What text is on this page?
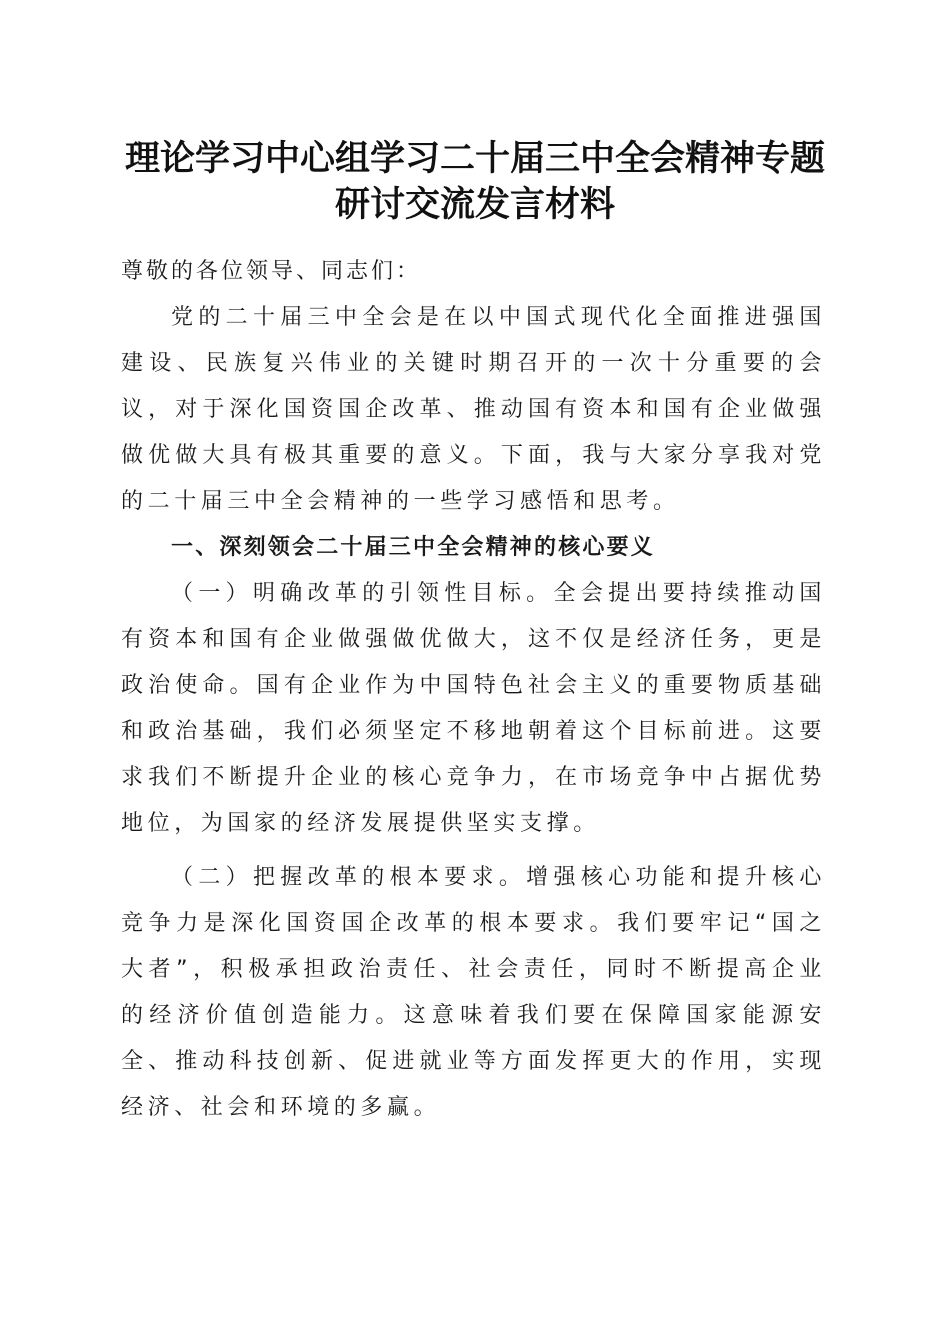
理论学习中心组学习二十届三中全会精神专题
研讨交流发言材料

尊敬的各位领导、同志们：

党的二十届三中全会是在以中国式现代化全面推进强国建设、民族复兴伟业的关键时期召开的一次十分重要的会议，对于深化国资国企改革、推动国有资本和国有企业做强做优做大具有极其重要的意义。下面，我与大家分享我对党的二十届三中全会精神的一些学习感悟和思考。

一、深刻领会二十届三中全会精神的核心要义

（一）明确改革的引领性目标。全会提出要持续推动国有资本和国有企业做强做优做大，这不仅是经济任务，更是政治使命。国有企业作为中国特色社会主义的重要物质基础和政治基础，我们必须坚定不移地朝着这个目标前进。这要求我们不断提升企业的核心竞争力，在市场竞争中占据优势地位，为国家的经济发展提供坚实支撑。

（二）把握改革的根本要求。增强核心功能和提升核心竞争力是深化国资国企改革的根本要求。我们要牢记“国之大者”，积极承担政治责任、社会责任，同时不断提高企业的经济价值创造能力。这意味着我们要在保障国家能源安全、推动科技创新、促进就业等方面发挥更大的作用，实现经济、社会和环境的多赢。
